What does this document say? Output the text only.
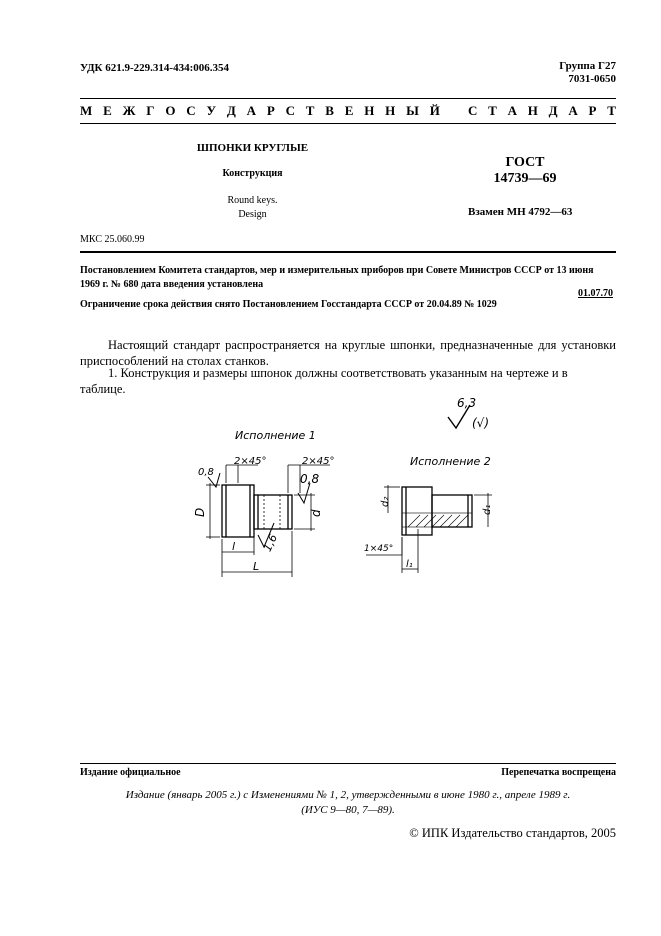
УДК 621.9-229.314-434:006.354	Группа Г27
7031-0650
М Е Ж Г О С У Д А Р С Т В Е Н Н Ы Й С Т А Н Д А Р Т
ШПОНКИ КРУГЛЫЕ
Конструкция
Round keys.
Design
ГОСТ
14739—69
Взамен МН 4792—63
МКС 25.060.99
Постановлением Комитета стандартов, мер и измерительных приборов при Совете Министров СССР от 13 июня 1969 г. № 680 дата введения установлена
01.07.70
Ограничение срока действия снято Постановлением Госстандарта СССР от 20.04.89 № 1029
Настоящий стандарт распространяется на круглые шпонки, предназначенные для установки приспособлений на столах станков.
1. Конструкция и размеры шпонок должны соответствовать указанным на чертеже и в таблице.
6,3
(√)
Исполнение 1
2×45°	2×45°
0,8	0,8
D	d
1,6
l
L
Исполнение 2
d₂
d₁
l₁
1×45°
Издание официальное	Перепечатка воспрещена
Издание (январь 2005 г.) с Изменениями № 1, 2, утвержденными в июне 1980 г., апреле 1989 г.
(ИУС 9—80, 7—89).
© ИПК Издательство стандартов, 2005
